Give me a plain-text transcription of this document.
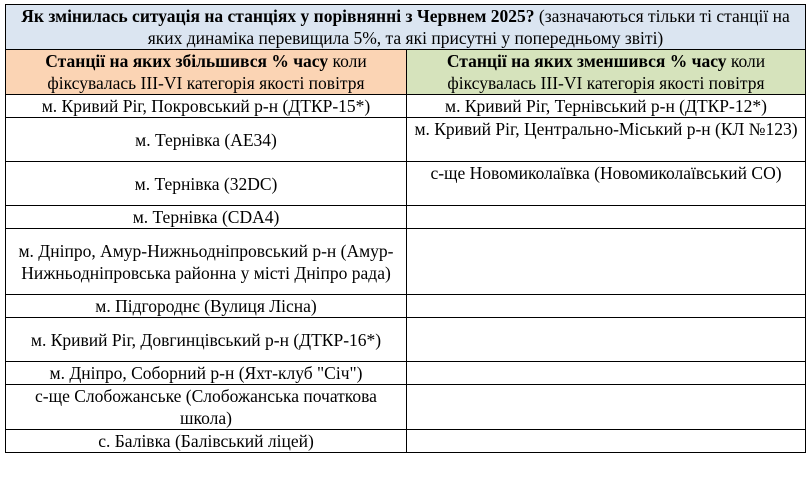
Як змінилась ситуація на станціях у порівнянні з Червнем 2025? (зазначаються тільки ті станції на яких динаміка перевищила 5%, та які присутні у попередньому звіті)	
Станції на яких збільшився % часу коли фіксувалась ІІІ-VI категорія якості повітря	Станції на яких зменшився % часу коли фіксувалась ІІІ-VI категорія якості повітря
м. Кривий Ріг, Покровський р-н (ДТКР-15*)	м. Кривий Ріг, Тернівський р-н (ДТКР-12*)
м. Тернівка (AE34)	м. Кривий Ріг, Центрально-Міський р-н (КЛ №123)
м. Тернівка (32DC)	с-ще Новомиколаївка (Новомиколаївський СО)
м. Тернівка (CDA4)	
м. Дніпро, Амур-Нижньодніпровський р-н (Амур-Нижньодніпровська районна у місті Дніпро рада)	
м. Підгороднє (Вулиця Лісна)	
м. Кривий Ріг, Довгинцівський р-н (ДТКР-16*)	
м. Дніпро, Соборний р-н (Яхт-клуб "Січ")	
с-ще Слобожанське (Слобожанська початкова школа)	
с. Балівка (Балівський ліцей)	
